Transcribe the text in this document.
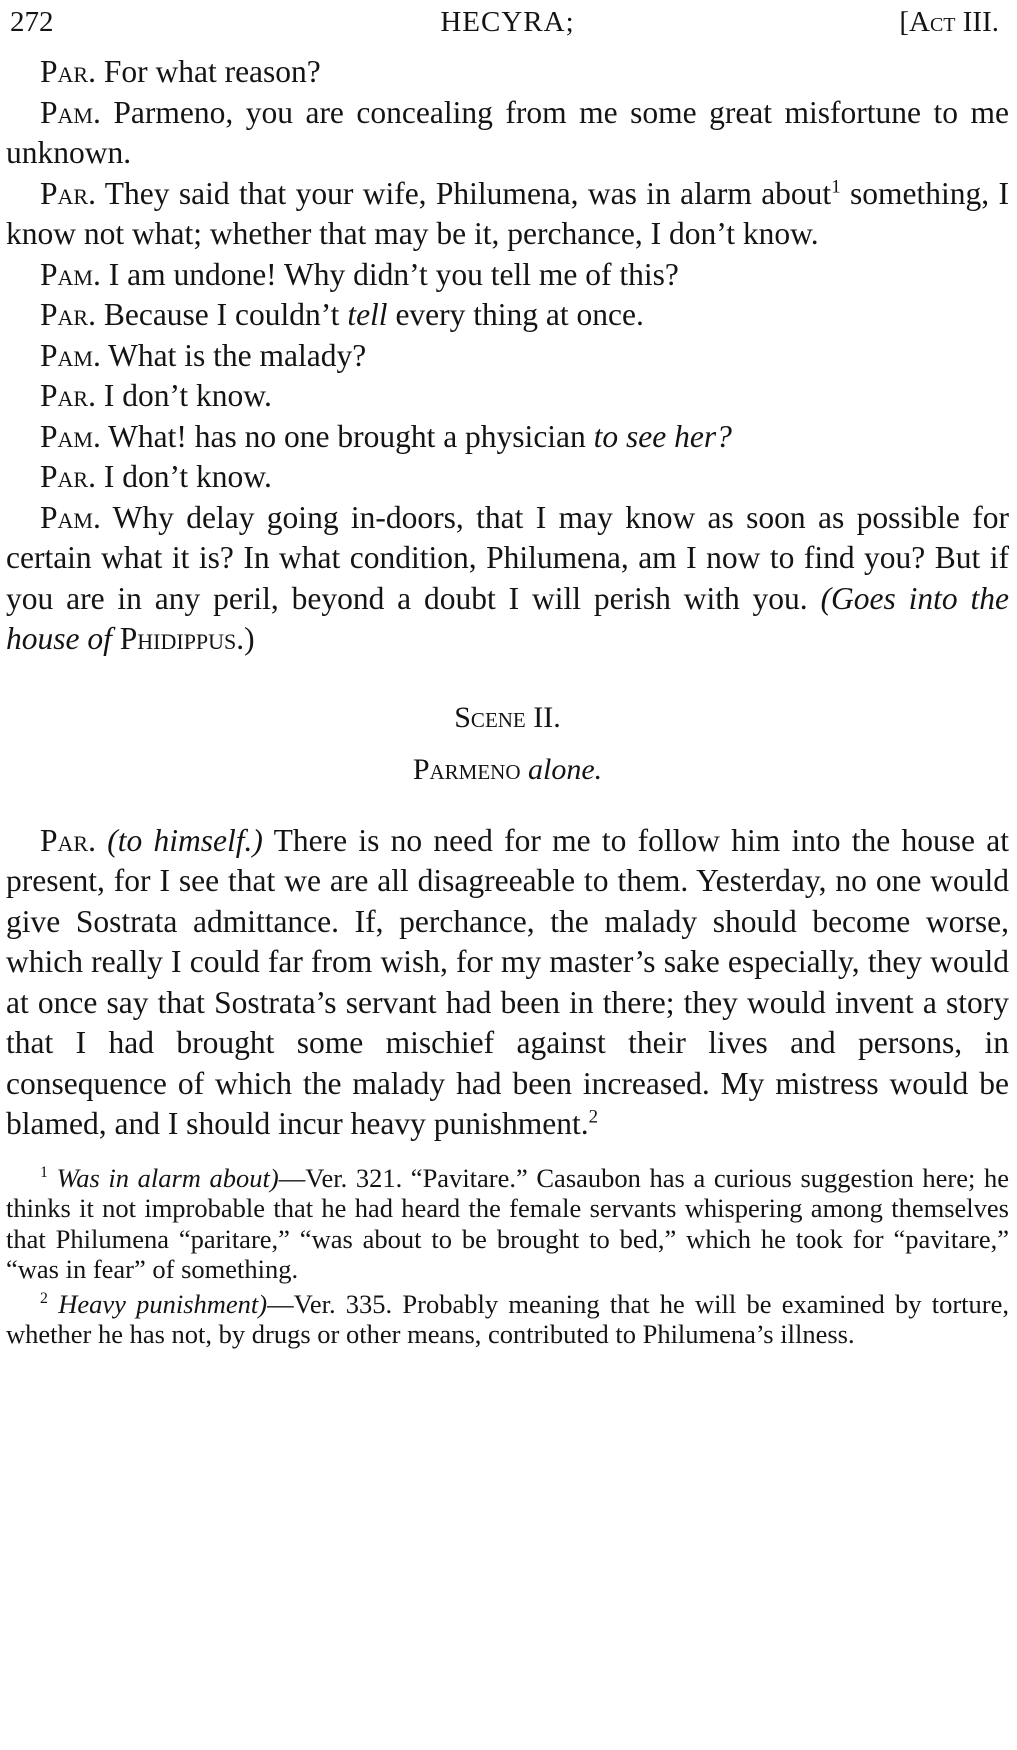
272	HECYRA;	[Act III.

Par. For what reason?

Pam. Parmeno, you are concealing from me some great misfortune to me unknown.

Par. They said that your wife, Philumena, was in alarm about$^1$ something, I know not what; whether that may be it, perchance, I don’t know.

Pam. I am undone! Why didn’t you tell me of this?

Par. Because I couldn’t tell every thing at once.

Pam. What is the malady?

Par. I don’t know.

Pam. What! has no one brought a physician to see her?

Par. I don’t know.

Pam. Why delay going in-doors, that I may know as soon as possible for certain what it is? In what condition, Philumena, am I now to find you? But if you are in any peril, beyond a doubt I will perish with you. (Goes into the house of Phidippus.)

Scene II.
Parmeno alone.

Par. (to himself.) There is no need for me to follow him into the house at present, for I see that we are all disagreeable to them. Yesterday, no one would give Sostrata admittance. If, perchance, the malady should become worse, which really I could far from wish, for my master’s sake especially, they would at once say that Sostrata’s servant had been in there; they would invent a story that I had brought some mischief against their lives and persons, in consequence of which the malady had been increased. My mistress would be blamed, and I should incur heavy punishment.$^2$

$^1$ Was in alarm about)—Ver. 321. “Pavitare.” Casaubon has a curious suggestion here; he thinks it not improbable that he had heard the female servants whispering among themselves that Philumena “paritare,” “was about to be brought to bed,” which he took for “pavitare,” “was in fear” of something.

$^2$ Heavy punishment)—Ver. 335. Probably meaning that he will be examined by torture, whether he has not, by drugs or other means, contributed to Philumena’s illness.
